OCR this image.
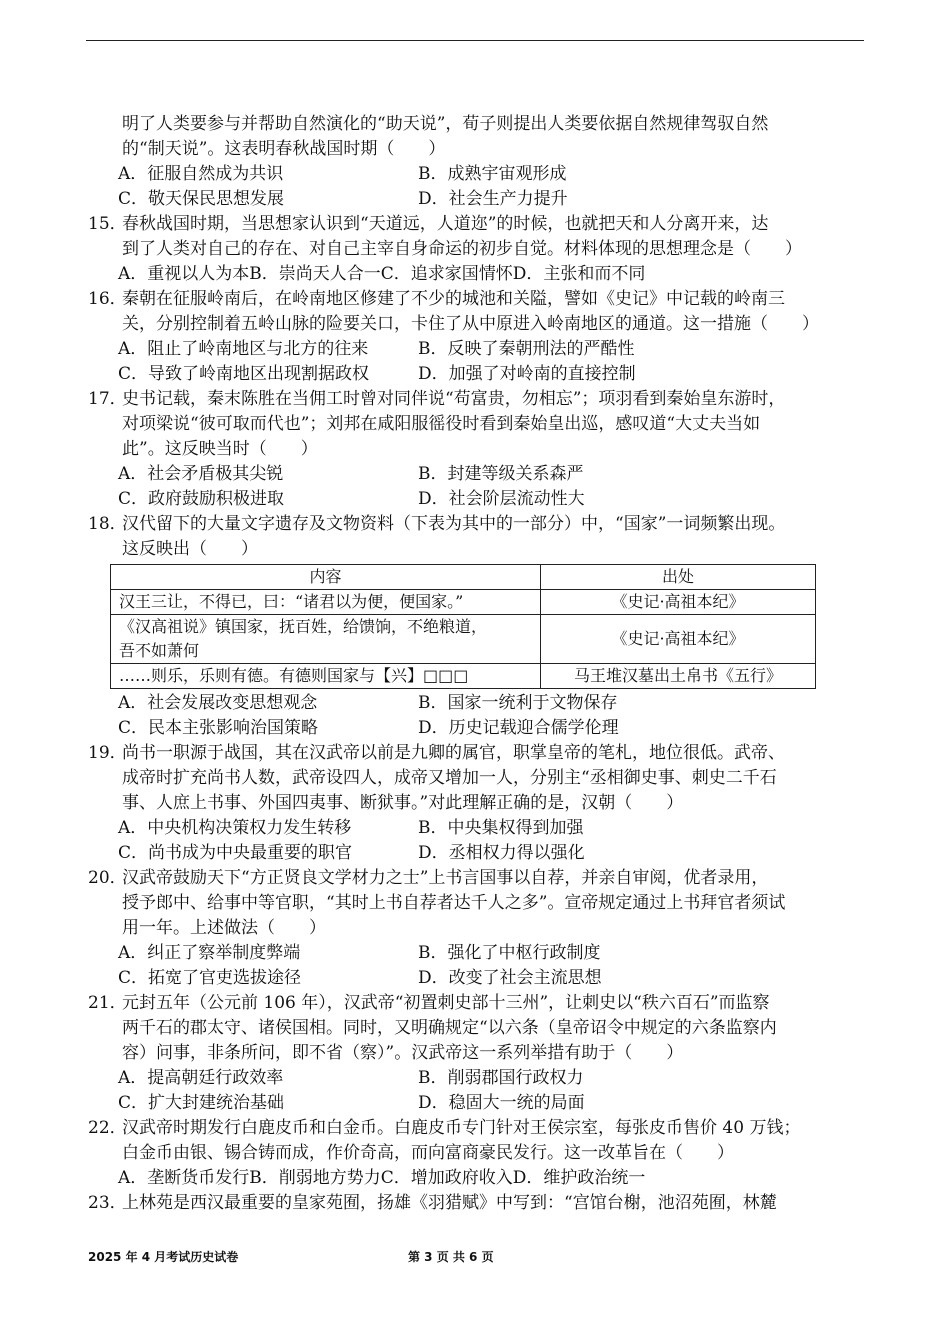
明了人类要参与并帮助自然演化的“助天说”，荀子则提出人类要依据自然规律驾驭自然
的“制天说”。这表明春秋战国时期（　　）
A．征服自然成为共识	B．成熟宇宙观形成
C．敬天保民思想发展	D．社会生产力提升
15．春秋战国时期，当思想家认识到“天道远，人道迩”的时候，也就把天和人分离开来，达
到了人类对自己的存在、对自己主宰自身命运的初步自觉。材料体现的思想理念是（　　）
A．重视以人为本B．崇尚天人合一C．追求家国情怀D．主张和而不同
16．秦朝在征服岭南后，在岭南地区修建了不少的城池和关隘，譬如《史记》中记载的岭南三
关，分别控制着五岭山脉的险要关口，卡住了从中原进入岭南地区的通道。这一措施（　　）
A．阻止了岭南地区与北方的往来	B．反映了秦朝刑法的严酷性
C．导致了岭南地区出现割据政权	D．加强了对岭南的直接控制
17．史书记载，秦末陈胜在当佣工时曾对同伴说“苟富贵，勿相忘”；项羽看到秦始皇东游时，
对项梁说“彼可取而代也”；刘邦在咸阳服徭役时看到秦始皇出巡，感叹道“大丈夫当如
此”。这反映当时（　　）
A．社会矛盾极其尖锐	B．封建等级关系森严
C．政府鼓励积极进取	D．社会阶层流动性大
18．汉代留下的大量文字遗存及文物资料（下表为其中的一部分）中，“国家”一词频繁出现。
这反映出（　　）
内容	出处
汉王三让，不得已，曰：“诸君以为便，便国家。”	《史记·高祖本纪》
《汉高祖说》镇国家，抚百姓，给馈饷，不绝粮道，
吾不如萧何	《史记·高祖本纪》
……则乐，乐则有德。有德则国家与【兴】□□□	马王堆汉墓出土帛书《五行》
A．社会发展改变思想观念	B．国家一统利于文物保存
C．民本主张影响治国策略	D．历史记载迎合儒学伦理
19．尚书一职源于战国，其在汉武帝以前是九卿的属官，职掌皇帝的笔札，地位很低。武帝、
成帝时扩充尚书人数，武帝设四人，成帝又增加一人，分别主“丞相御史事、刺史二千石
事、人庶上书事、外国四夷事、断狱事。”对此理解正确的是，汉朝（　　）
A．中央机构决策权力发生转移	B．中央集权得到加强
C．尚书成为中央最重要的职官	D．丞相权力得以强化
20．汉武帝鼓励天下“方正贤良文学材力之士”上书言国事以自荐，并亲自审阅，优者录用，
授予郎中、给事中等官职，“其时上书自荐者达千人之多”。宣帝规定通过上书拜官者须试
用一年。上述做法（　　）
A．纠正了察举制度弊端	B．强化了中枢行政制度
C．拓宽了官吏选拔途径	D．改变了社会主流思想
21．元封五年（公元前 106 年），汉武帝“初置刺史部十三州”，让刺史以“秩六百石”而监察
两千石的郡太守、诸侯国相。同时，又明确规定“以六条（皇帝诏令中规定的六条监察内
容）问事，非条所问，即不省（察）”。汉武帝这一系列举措有助于（　　）
A．提高朝廷行政效率	B．削弱郡国行政权力
C．扩大封建统治基础	D．稳固大一统的局面
22．汉武帝时期发行白鹿皮币和白金币。白鹿皮币专门针对王侯宗室，每张皮币售价 40 万钱；
白金币由银、锡合铸而成，作价奇高，而向富商豪民发行。这一改革旨在（　　）
A．垄断货币发行B．削弱地方势力C．增加政府收入D．维护政治统一
23．上林苑是西汉最重要的皇家苑囿，扬雄《羽猎赋》中写到：“宫馆台榭，池沼苑囿，林麓
2025 年 4 月考试历史试卷	第 3 页 共 6 页
